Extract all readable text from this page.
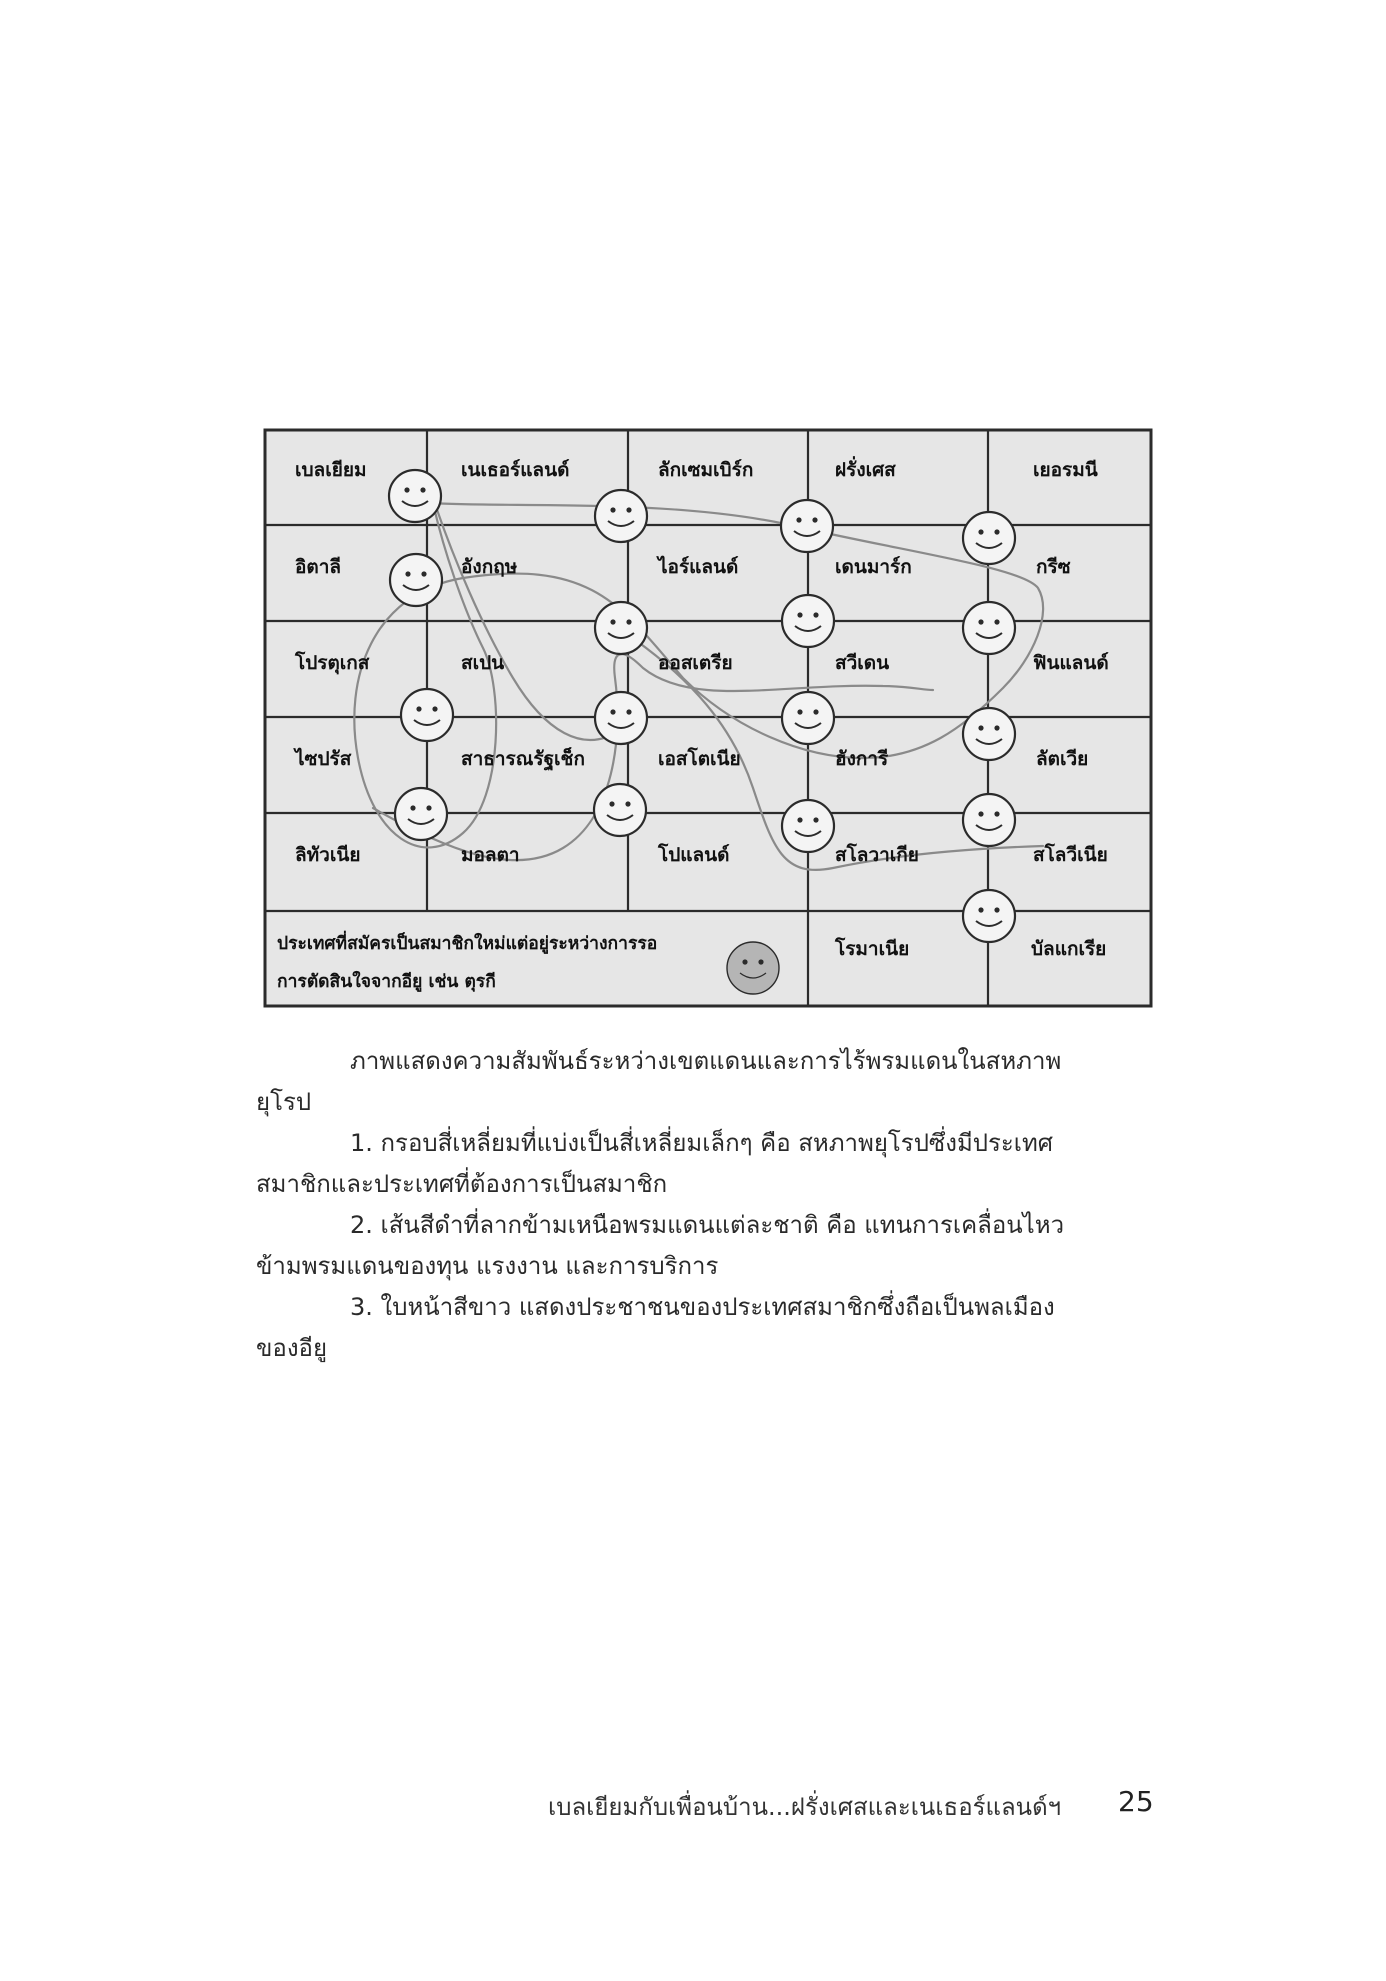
เบลเยียม	เนเธอร์แลนด์	ลักเซมเบิร์ก	ฝรั่งเศส	เยอรมนี
อิตาลี	อังกฤษ	ไอร์แลนด์	เดนมาร์ก	กรีซ
โปรตุเกส	สเปน	ออสเตรีย	สวีเดน	ฟินแลนด์
ไซปรัส	สาธารณรัฐเช็ก	เอสโตเนีย	ฮังการี	ลัตเวีย
ลิทัวเนีย	มอลตา	โปแลนด์	สโลวาเกีย	สโลวีเนีย
ประเทศที่สมัครเป็นสมาชิกใหม่แต่อยู่ระหว่างการรอ
การตัดสินใจจากอียู เช่น ตุรกี
โรมาเนีย	บัลแกเรีย
ภาพแสดงความสัมพันธ์ระหว่างเขตแดนและการไร้พรมแดนในสหภาพ
ยุโรป
1. กรอบสี่เหลี่ยมที่แบ่งเป็นสี่เหลี่ยมเล็กๆ คือ สหภาพยุโรปซึ่งมีประเทศ
สมาชิกและประเทศที่ต้องการเป็นสมาชิก
2. เส้นสีดำที่ลากข้ามเหนือพรมแดนแต่ละชาติ คือ แทนการเคลื่อนไหว
ข้ามพรมแดนของทุน แรงงาน และการบริการ
3. ใบหน้าสีขาว แสดงประชาชนของประเทศสมาชิกซึ่งถือเป็นพลเมือง
ของอียู
เบลเยียมกับเพื่อนบ้าน...ฝรั่งเศสและเนเธอร์แลนด์ฯ 25
